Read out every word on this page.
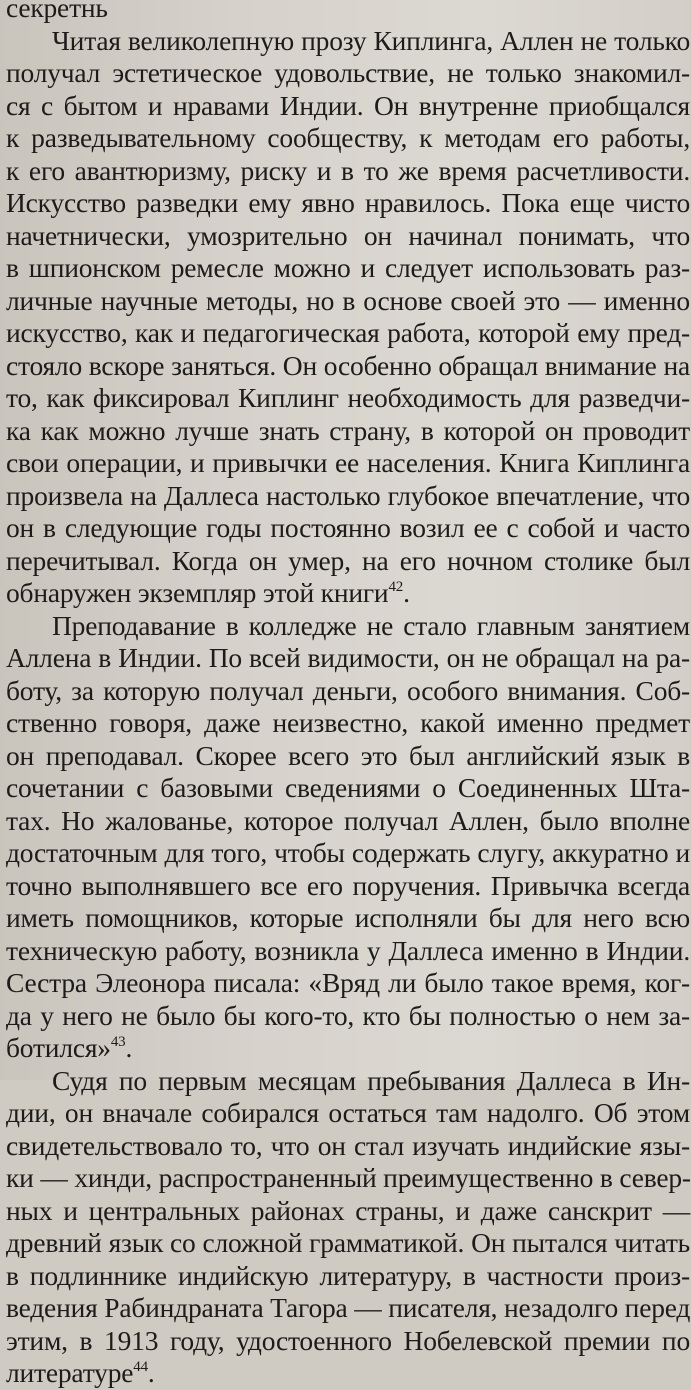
секретнь
Читая великолепную прозу Киплинга, Аллен не только
получал эстетическое удовольствие, не только знакомил-
ся с бытом и нравами Индии. Он внутренне приобщался
к разведывательному сообществу, к методам его работы,
к его авантюризму, риску и в то же время расчетливости.
Искусство разведки ему явно нравилось. Пока еще чисто
начетнически, умозрительно он начинал понимать, что
в шпионском ремесле можно и следует использовать раз-
личные научные методы, но в основе своей это — именно
искусство, как и педагогическая работа, которой ему пред-
стояло вскоре заняться. Он особенно обращал внимание на
то, как фиксировал Киплинг необходимость для разведчи-
ка как можно лучше знать страну, в которой он проводит
свои операции, и привычки ее населения. Книга Киплинга
произвела на Даллеса настолько глубокое впечатление, что
он в следующие годы постоянно возил ее с собой и часто
перечитывал. Когда он умер, на его ночном столике был
обнаружен экземпляр этой книги$^{42}$.
Преподавание в колледже не стало главным занятием
Аллена в Индии. По всей видимости, он не обращал на ра-
боту, за которую получал деньги, особого внимания. Соб-
ственно говоря, даже неизвестно, какой именно предмет
он преподавал. Скорее всего это был английский язык в
сочетании с базовыми сведениями о Соединенных Шта-
тах. Но жалованье, которое получал Аллен, было вполне
достаточным для того, чтобы содержать слугу, аккуратно и
точно выполнявшего все его поручения. Привычка всегда
иметь помощников, которые исполняли бы для него всю
техническую работу, возникла у Даллеса именно в Индии.
Сестра Элеонора писала: «Вряд ли было такое время, ког-
да у него не было бы кого-то, кто бы полностью о нем за-
ботился»$^{43}$.
Судя по первым месяцам пребывания Даллеса в Ин-
дии, он вначале собирался остаться там надолго. Об этом
свидетельствовало то, что он стал изучать индийские язы-
ки — хинди, распространенный преимущественно в север-
ных и центральных районах страны, и даже санскрит —
древний язык со сложной грамматикой. Он пытался читать
в подлиннике индийскую литературу, в частности произ-
ведения Рабиндраната Тагора — писателя, незадолго перед
этим, в 1913 году, удостоенного Нобелевской премии по
литературе$^{44}$.
